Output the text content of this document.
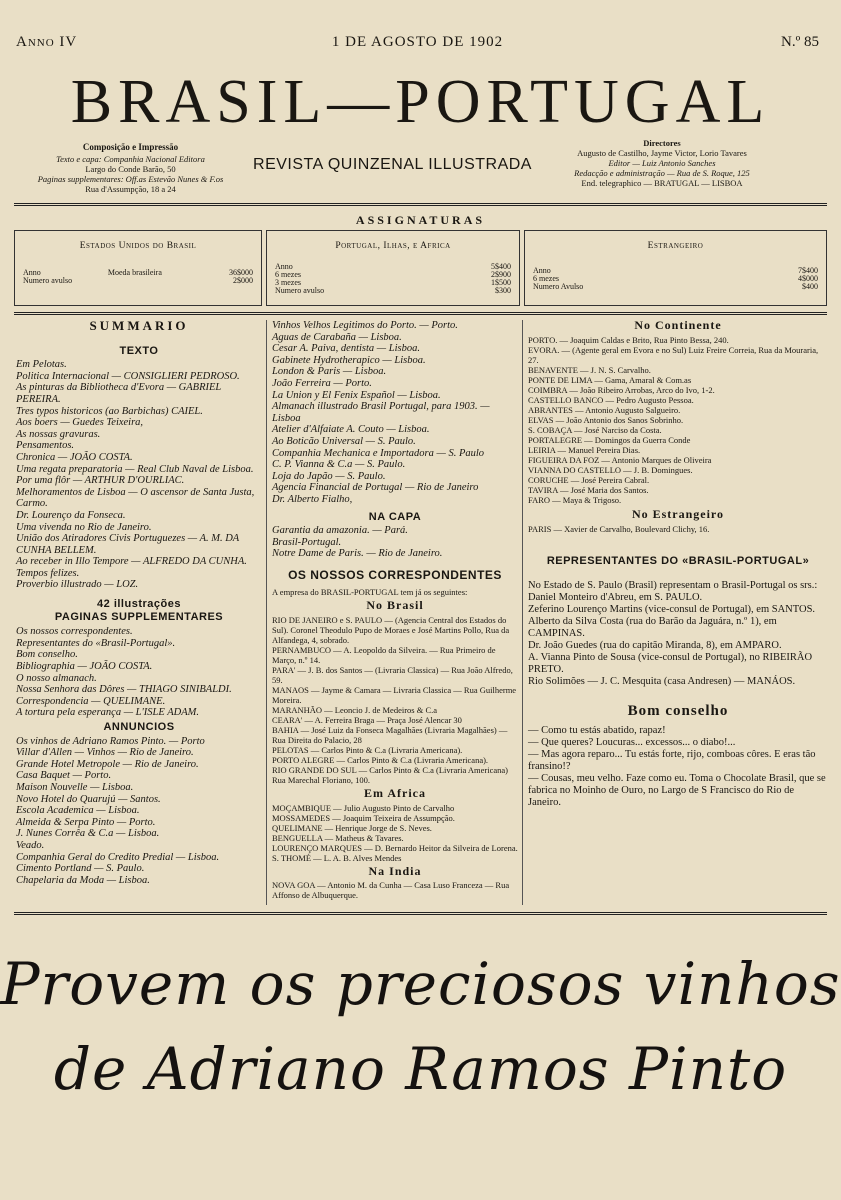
Anno IV	1 DE AGOSTO DE 1902	N.º 85
BRASIL—PORTUGAL
Composição e Impressão
Texto e capa: Companhia Nacional Editora
Largo do Conde Barão, 50
Paginas supplementares: Off.as Estevão Nunes & F.os
Rua d'Assumpção, 18 a 24
REVISTA QUINZENAL ILLUSTRADA
Directores
Augusto de Castilho, Jayme Victor, Lorio Tavares
Editor — Luiz Antonio Sanches
Redacção e administração — Rua de S. Roque, 125
End. telegraphico — BRATUGAL — LISBOA
ASSIGNATURAS
Estados Unidos do Brasil
Anno	Moeda brasileira	36$000
Numero avulso	2$000
Portugal, Ilhas, e Africa
Anno	5$400
6 mezes	2$900
3 mezes	1$500
Numero avulso	$300
Estrangeiro
Anno	7$400
6 mezes	4$000
Numero Avulso	$400
SUMMARIO
TEXTO
Em Pelotas.
Politica Internacional — CONSIGLIERI PEDROSO.
As pinturas da Bibliotheca d'Evora — GABRIEL PEREIRA.
Tres typos historicos (ao Barbichas) CAIEL.
Aos boers — Guedes Teixeira,
As nossas gravuras.
Pensamentos.
Chronica — JOÃO COSTA.
Uma regata preparatoria — Real Club Naval de Lisboa.
Por uma flôr — ARTHUR D'OURLIAC.
Melhoramentos de Lisboa — O ascensor de Santa Justa, Carmo.
Dr. Lourenço da Fonseca.
Uma vivenda no Rio de Janeiro.
União dos Atiradores Civis Portuguezes — A. M. DA CUNHA BELLEM.
Ao receber in Illo Tempore — ALFREDO DA CUNHA.
Tempos felizes.
Proverbio illustrado — LOZ.
42 illustrações
PAGINAS SUPPLEMENTARES
Os nossos correspondentes.
Representantes do «Brasil-Portugal».
Bom conselho.
Bibliographia — JOÃO COSTA.
O nosso almanach.
Nossa Senhora das Dôres — THIAGO SINIBALDI.
Correspondencia — QUELIMANE.
A tortura pela esperança — L'ISLE ADAM.
ANNUNCIOS
Os vinhos de Adriano Ramos Pinto. — Porto
Villar d'Allen — Vinhos — Rio de Janeiro.
Grande Hotel Metropole — Rio de Janeiro.
Casa Baquet — Porto.
Maison Nouvelle — Lisboa.
Novo Hotel do Quarujú — Santos.
Escola Academica — Lisboa.
Almeida & Serpa Pinto — Porto.
J. Nunes Corrêa & C.a — Lisboa.
Veado.
Companhia Geral do Credito Predial — Lisboa.
Cimento Portland — S. Paulo.
Chapelaria da Moda — Lisboa.
Vinhos Velhos Legitimos do Porto. — Porto.
Aguas de Carabaña — Lisboa.
Cesar A. Paiva, dentista — Lisboa.
Gabinete Hydrotherapico — Lisboa.
London & Paris — Lisboa.
João Ferreira — Porto.
La Union y El Fenix Español — Lisboa.
Almanach illustrado Brasil Portugal, para 1903. — Lisboa
Atelier d'Alfaiate A. Couto — Lisboa.
Ao Boticão Universal — S. Paulo.
Companhia Mechanica e Importadora — S. Paulo
C. P. Vianna & C.a — S. Paulo.
Loja do Japão — S. Paulo.
Agencia Financial de Portugal — Rio de Janeiro
Dr. Alberto Fialho,
NA CAPA
Garantia da amazonia. — Pará.
Brasil-Portugal.
Notre Dame de Paris. — Rio de Janeiro.
OS NOSSOS CORRESPONDENTES
A empresa do BRASIL-PORTUGAL tem já os seguintes:
No Brasil
RIO DE JANEIRO e S. PAULO — (Agencia Central dos Estados do Sul). Coronel Theodulo Pupo de Moraes e José Martins Pollo, Rua da Alfandega, 4, sobrado.
PERNAMBUCO — A. Leopoldo da Silveira. — Rua Primeiro de Março, n.º 14.
PARA' — J. B. dos Santos — (Livraria Classica) — Rua João Alfredo, 59.
MANAOS — Jayme & Camara — Livraria Classica — Rua Guilherme Moreira.
MARANHÃO — Leoncio J. de Medeiros & C.a
CEARA' — A. Ferreira Braga — Praça José Alencar 30
BAHIA — José Luiz da Fonseca Magalhães (Livraria Magalhães) — Rua Direita do Palacio, 28
PELOTAS — Carlos Pinto & C.a (Livraria Americana).
PORTO ALEGRE — Carlos Pinto & C.a (Livraria Americana).
RIO GRANDE DO SUL — Carlos Pinto & C.a (Livraria Americana) Rua Marechal Floriano, 100.
Em Africa
MOÇAMBIQUE — Julio Augusto Pinto de Carvalho
MOSSAMEDES — Joaquim Teixeira de Assumpção.
QUELIMANE — Henrique Jorge de S. Neves.
BENGUELLA — Matheus & Tavares.
LOURENÇO MARQUES — D. Bernardo Heitor da Silveira de Lorena.
S. THOMÉ — L. A. B. Alves Mendes
Na India
NOVA GOA — Antonio M. da Cunha — Casa Luso Franceza — Rua Affonso de Albuquerque.
No Continente
PORTO. — Joaquim Caldas e Brito, Rua Pinto Bessa, 240.
EVORA. — (Agente geral em Evora e no Sul) Luiz Freire Correia, Rua da Mouraria, 27.
BENAVENTE — J. N. S. Carvalho.
PONTE DE LIMA — Gama, Amaral & Com.as
COIMBRA — João Ribeiro Arrobas, Arco do Ivo, 1-2.
CASTELLO BANCO — Pedro Augusto Pessoa.
ABRANTES — Antonio Augusto Salgueiro.
ELVAS — João Antonio dos Sanos Sobrinho.
S. COBAÇA — José Narciso da Costa.
PORTALEGRE — Domingos da Guerra Conde
LEIRIA — Manuel Pereira Dias.
FIGUEIRA DA FOZ — Antonio Marques de Oliveira
VIANNA DO CASTELLO — J. B. Domingues.
CORUCHE — José Pereira Cabral.
TAVIRA — José Maria dos Santos.
FARO — Maya & Trigoso.
No Estrangeiro
PARIS — Xavier de Carvalho, Boulevard Clichy, 16.
REPRESENTANTES DO «BRASIL-PORTUGAL»
No Estado de S. Paulo (Brasil) representam o Brasil-Portugal os srs.:
Daniel Monteiro d'Abreu, em S. PAULO.
Zeferino Lourenço Martins (vice-consul de Portugal), em SANTOS.
Alberto da Silva Costa (rua do Barão da Jaguára, n.º 1), em CAMPINAS.
Dr. João Guedes (rua do capitão Miranda, 8), em AMPARO.
A. Vianna Pinto de Sousa (vice-consul de Portugal), no RIBEIRÃO PRETO.
Rio Solimões — J. C. Mesquita (casa Andresen) — MANÁOS.
Bom conselho
— Como tu estás abatido, rapaz!
— Que queres? Loucuras... excessos... o diabo!...
— Mas agora reparo... Tu estás forte, rijo, comboas côres. E eras tão fransino!?
— Cousas, meu velho. Faze como eu. Toma o Chocolate Brasil, que se fabrica no Moinho de Ouro, no Largo de S Francisco do Rio de Janeiro.
Provem os preciosos vinhos
de Adriano Ramos Pinto
